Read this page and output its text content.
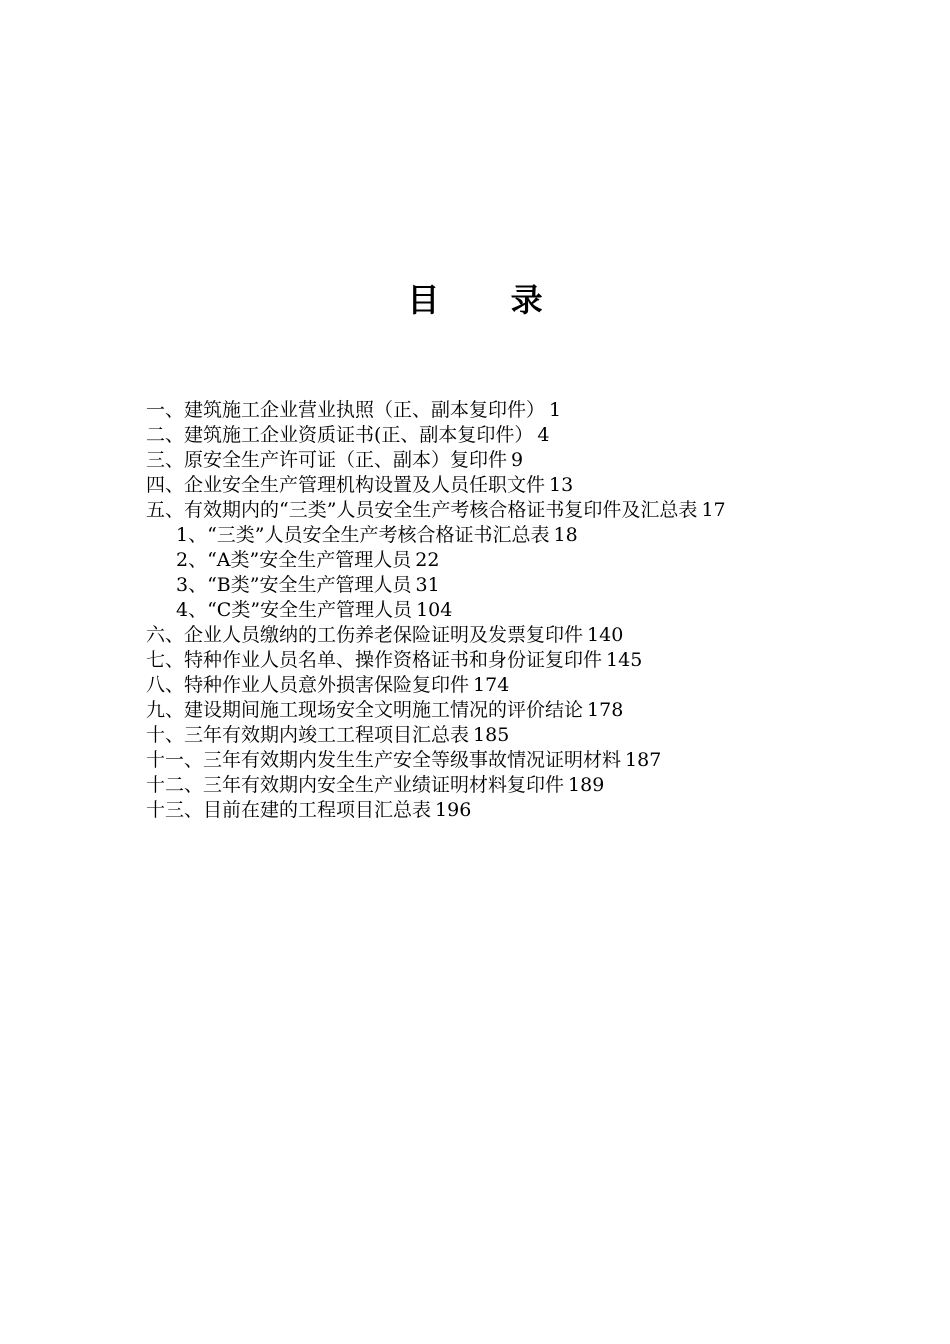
目 录
一、建筑施工企业营业执照（正、副本复印件） 1
二、建筑施工企业资质证书(正、副本复印件） 4
三、原安全生产许可证（正、副本）复印件 9
四、企业安全生产管理机构设置及人员任职文件 13
五、有效期内的“三类”人员安全生产考核合格证书复印件及汇总表 17
1、“三类”人员安全生产考核合格证书汇总表 18
2、“A类”安全生产管理人员 22
3、“B类”安全生产管理人员 31
4、“C类”安全生产管理人员 104
六、企业人员缴纳的工伤养老保险证明及发票复印件 140
七、特种作业人员名单、操作资格证书和身份证复印件 145
八、特种作业人员意外损害保险复印件 174
九、建设期间施工现场安全文明施工情况的评价结论 178
十、三年有效期内竣工工程项目汇总表 185
十一、三年有效期内发生生产安全等级事故情况证明材料 187
十二、三年有效期内安全生产业绩证明材料复印件 189
十三、目前在建的工程项目汇总表 196
